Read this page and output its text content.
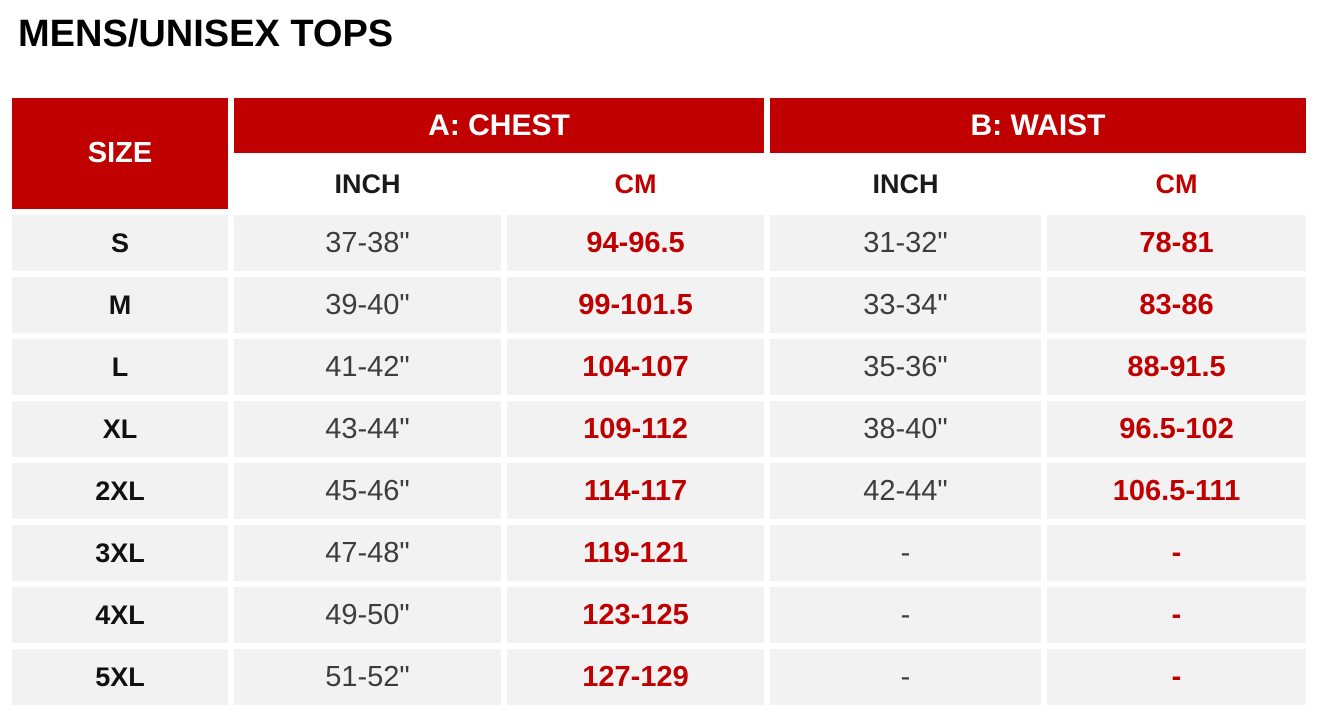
MENS/UNISEX TOPS
SIZE	A: CHEST		B: WAIST	
	INCH	CM	INCH	CM
S	37-38"	94-96.5	31-32"	78-81
M	39-40"	99-101.5	33-34"	83-86
L	41-42"	104-107	35-36"	88-91.5
XL	43-44"	109-112	38-40"	96.5-102
2XL	45-46"	114-117	42-44"	106.5-111
3XL	47-48"	119-121	-	-
4XL	49-50"	123-125	-	-
5XL	51-52"	127-129	-	-
